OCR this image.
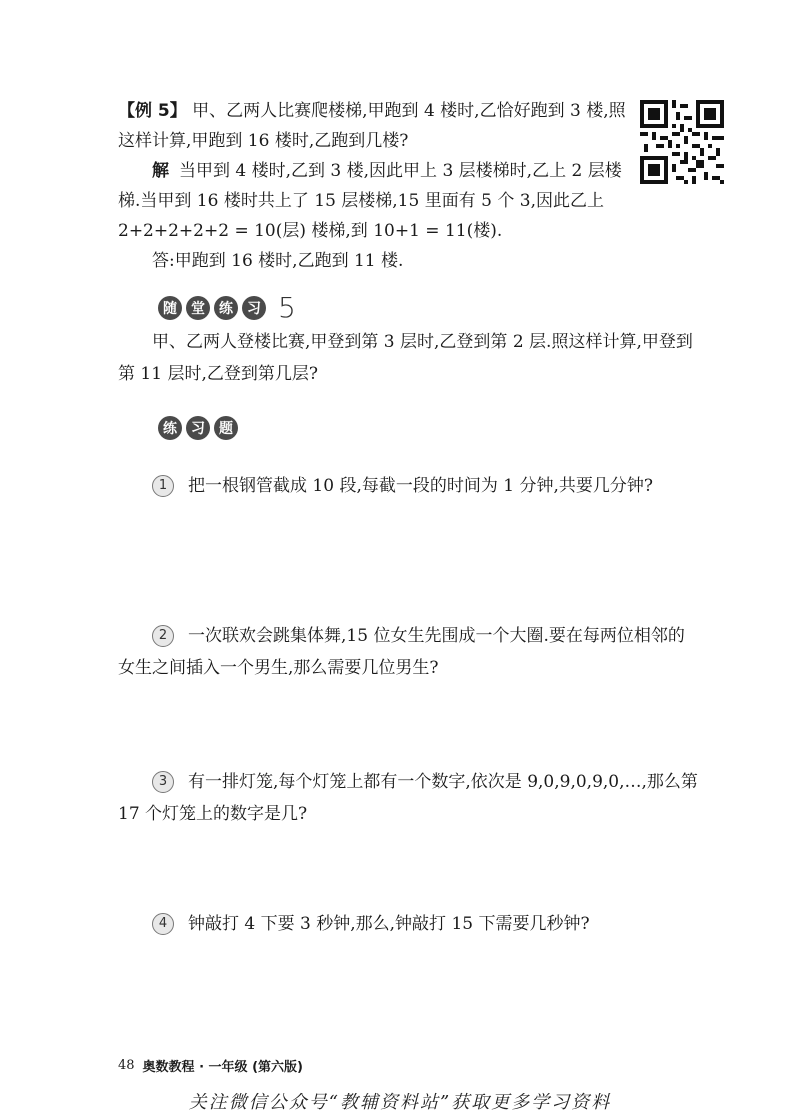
【例 5】 甲、乙两人比赛爬楼梯,甲跑到 4 楼时,乙恰好跑到 3 楼,照这样计算,甲跑到 16 楼时,乙跑到几楼?

解 当甲到 4 楼时,乙到 3 楼,因此甲上 3 层楼梯时,乙上 2 层楼梯.当甲到 16 楼时共上了 15 层楼梯,15 里面有 5 个 3,因此乙上 2+2+2+2+2 = 10(层) 楼梯,到 10+1 = 11(楼).

答:甲跑到 16 楼时,乙跑到 11 楼.

随	堂	练	习 5

甲、乙两人登楼比赛,甲登到第 3 层时,乙登到第 2 层.照这样计算,甲登到第 11 层时,乙登到第几层?

练	习	题

1 把一根钢管截成 10 段,每截一段的时间为 1 分钟,共要几分钟?

2 一次联欢会跳集体舞,15 位女生先围成一个大圈.要在每两位相邻的女生之间插入一个男生,那么需要几位男生?

3 有一排灯笼,每个灯笼上都有一个数字,依次是 9,0,9,0,9,0,…,那么第 17 个灯笼上的数字是几?

4 钟敲打 4 下要 3 秒钟,那么,钟敲打 15 下需要几秒钟?

48 奥数教程 · 一年级 (第六版)
关注微信公众号“教辅资料站”获取更多学习资料
